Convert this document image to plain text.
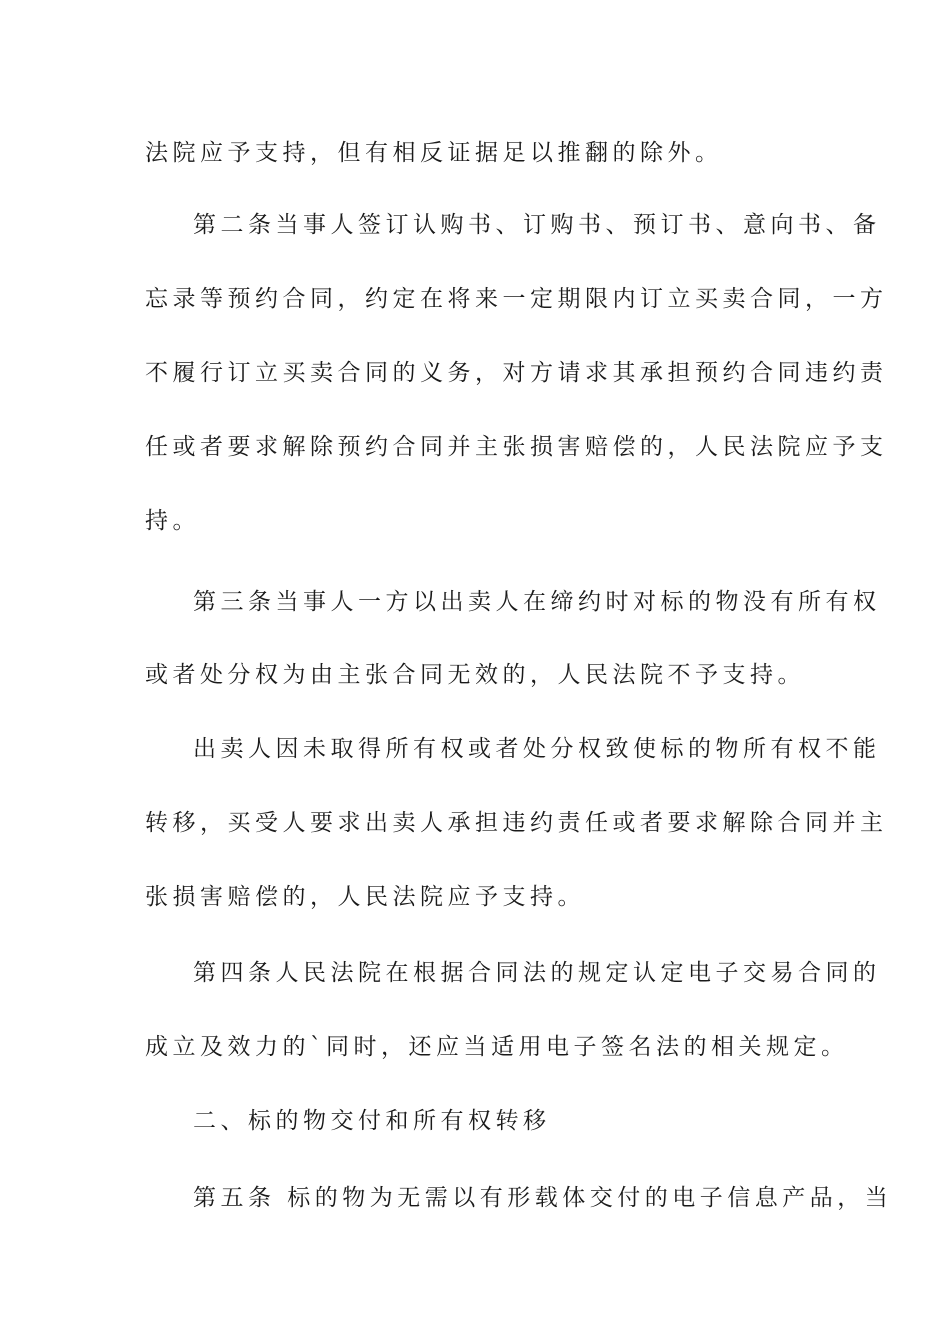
法院应予支持，但有相反证据足以推翻的除外。
第二条当事人签订认购书、订购书、预订书、意向书、备
忘录等预约合同，约定在将来一定期限内订立买卖合同，一方
不履行订立买卖合同的义务，对方请求其承担预约合同违约责
任或者要求解除预约合同并主张损害赔偿的，人民法院应予支
持。
第三条当事人一方以出卖人在缔约时对标的物没有所有权
或者处分权为由主张合同无效的，人民法院不予支持。
出卖人因未取得所有权或者处分权致使标的物所有权不能
转移，买受人要求出卖人承担违约责任或者要求解除合同并主
张损害赔偿的，人民法院应予支持。
第四条人民法院在根据合同法的规定认定电子交易合同的
成立及效力的`同时，还应当适用电子签名法的相关规定。
二、标的物交付和所有权转移
第五条 标的物为无需以有形载体交付的电子信息产品，当
